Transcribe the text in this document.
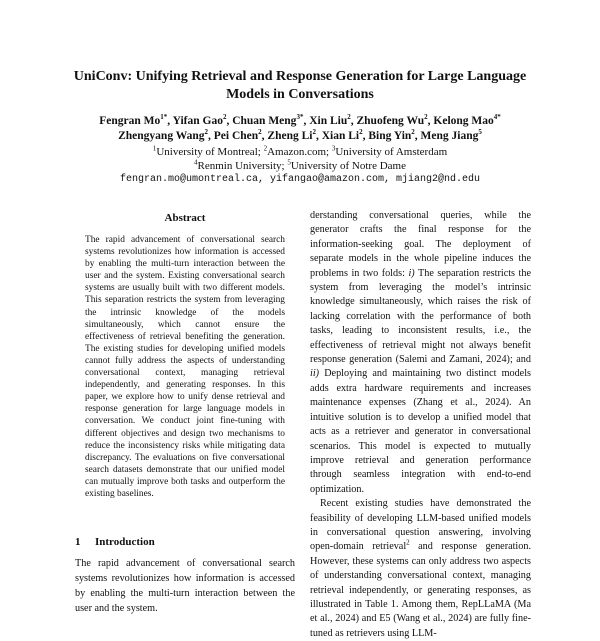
UniConv: Unifying Retrieval and Response Generation for Large Language
Models in Conversations
Fengran $Mo^{1*}$, Yifan Gao$^2$, Chuan Meng$^{3*}$, Xin Liu$^2$, Zhuofeng Wu$^2$, Kelong Mao$^{4*}$
Zhengyang Wang$^2$, Pei Chen$^2$, Zheng Li$^2$, Xian Li$^2$, Bing Yin$^2$, Meng Jiang$^5$
$^1$University of Montreal; $^2$Amazon.com; $^3$University of Amsterdam
$^4$Renmin University; $^5$University of Notre Dame
fengran.mo@umontreal.ca, yifangao@amazon.com, mjiang2@nd.edu
Abstract

The rapid advancement of conversational search systems revolutionizes how information is accessed by enabling the multi-turn interaction between the user and the system. Existing conversational search systems are usually built with two different models. This separation restricts the system from leveraging the intrinsic knowledge of the models simultaneously, which cannot ensure the effectiveness of retrieval benefiting the generation. The existing studies for developing unified models cannot fully address the aspects of understanding conversational context, managing retrieval independently, and generating responses. In this paper, we explore how to unify dense retrieval and response generation for large language models in conversation. We conduct joint fine-tuning with different objectives and design two mechanisms to reduce the inconsistency risks while mitigating data discrepancy. The evaluations on five conversational search datasets demonstrate that our unified model can mutually improve both tasks and outperform the existing baselines.

1 Introduction

The rapid advancement of conversational search systems revolutionizes how information is accessed by enabling the multi-turn interaction between the user and the system.

derstanding conversational queries, while the generator crafts the final response for the information-seeking goal. The deployment of separate models in the whole pipeline induces the problems in two folds: i) The separation restricts the system from leveraging the model’s intrinsic knowledge simultaneously, which raises the risk of lacking correlation with the performance of both tasks, leading to inconsistent results, i.e., the effectiveness of retrieval might not always benefit response generation (Salemi and Zamani, 2024); and ii) Deploying and maintaining two distinct models adds extra hardware requirements and increases maintenance expenses (Zhang et al., 2024). An intuitive solution is to develop a unified model that acts as a retriever and generator in conversational scenarios. This model is expected to mutually improve retrieval and generation performance through seamless integration with end-to-end optimization.

Recent existing studies have demonstrated the feasibility of developing LLM-based unified models in conversational question answering, involving open-domain retrieval$^2$ and response generation. However, these systems can only address two aspects of understanding conversational context, managing retrieval independently, or generating responses, as illustrated in Table 1. Among them, RepLLaMA (Ma et al., 2024) and E5 (Wang et al., 2024) are fully fine-tuned as retrievers using LLM-
